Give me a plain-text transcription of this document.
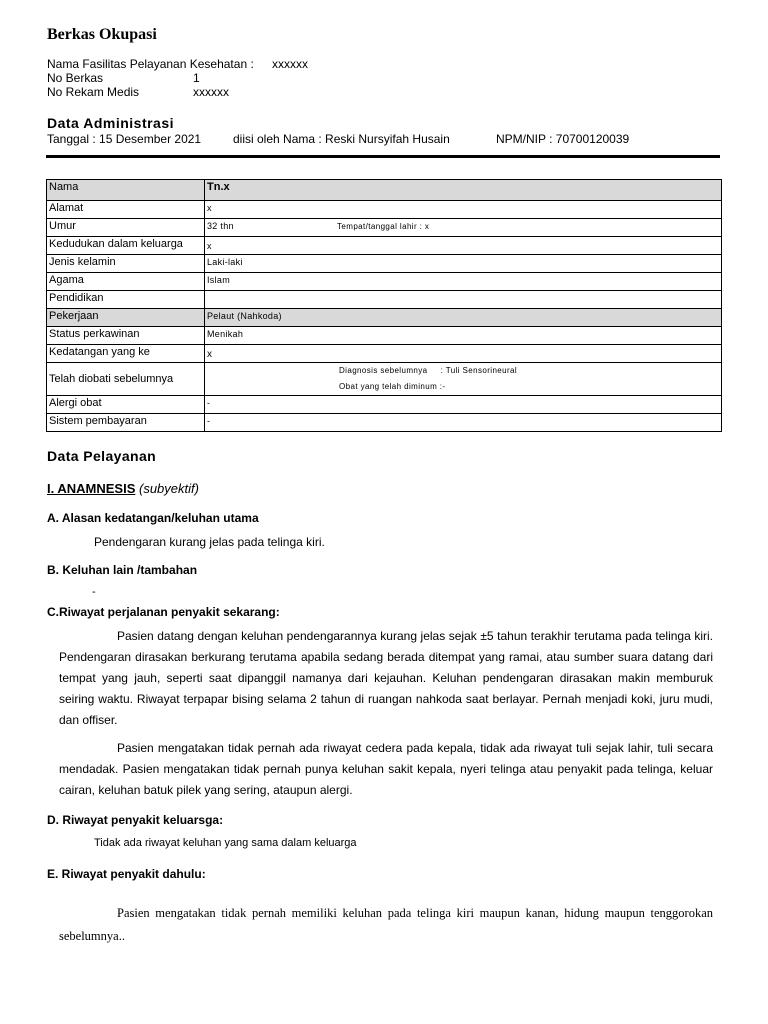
Berkas Okupasi
Nama Fasilitas Pelayanan Kesehatan : xxxxxx
No Berkas	1
No Rekam Medis	xxxxxx
Data Administrasi
Tanggal : 15 Desember 2021	diisi oleh Nama : Reski Nursyifah Husain	NPM/NIP : 70700120039
Nama	Tn.x
Alamat	x
Umur	32 thn Tempat/tanggal lahir : x
Kedudukan dalam keluarga	x
Jenis kelamin	Laki-laki
Agama	Islam
Pendidikan	
Pekerjaan	Pelaut (Nahkoda)
Status perkawinan	Menikah
Kedatangan yang ke	x
Telah diobati sebelumnya	Diagnosis sebelumnya     : Tuli Sensorineural
Obat yang telah diminum :-

Alergi obat	-
Sistem pembayaran	-
Data Pelayanan
I. ANAMNESIS (subyektif)
A. Alasan kedatangan/keluhan utama
Pendengaran kurang jelas pada telinga kiri.
B. Keluhan lain /tambahan
-
C.Riwayat perjalanan penyakit sekarang:
Pasien datang dengan keluhan pendengarannya kurang jelas sejak ±5 tahun terakhir terutama pada telinga kiri. Pendengaran dirasakan berkurang terutama apabila sedang berada ditempat yang ramai, atau sumber suara datang dari tempat yang jauh, seperti saat dipanggil namanya dari kejauhan. Keluhan pendengaran dirasakan makin memburuk seiring waktu. Riwayat terpapar bising selama 2 tahun di ruangan nahkoda saat berlayar. Pernah menjadi koki, juru mudi, dan offiser.
Pasien mengatakan tidak pernah ada riwayat cedera pada kepala, tidak ada riwayat tuli sejak lahir, tuli secara mendadak. Pasien mengatakan tidak pernah punya keluhan sakit kepala, nyeri telinga atau penyakit pada telinga, keluar cairan, keluhan batuk pilek yang sering, ataupun alergi.
D. Riwayat penyakit keluarsga:
Tidak ada riwayat keluhan yang sama dalam keluarga
E. Riwayat penyakit dahulu:
Pasien mengatakan tidak pernah memiliki keluhan pada telinga kiri maupun kanan, hidung maupun tenggorokan sebelumnya..
